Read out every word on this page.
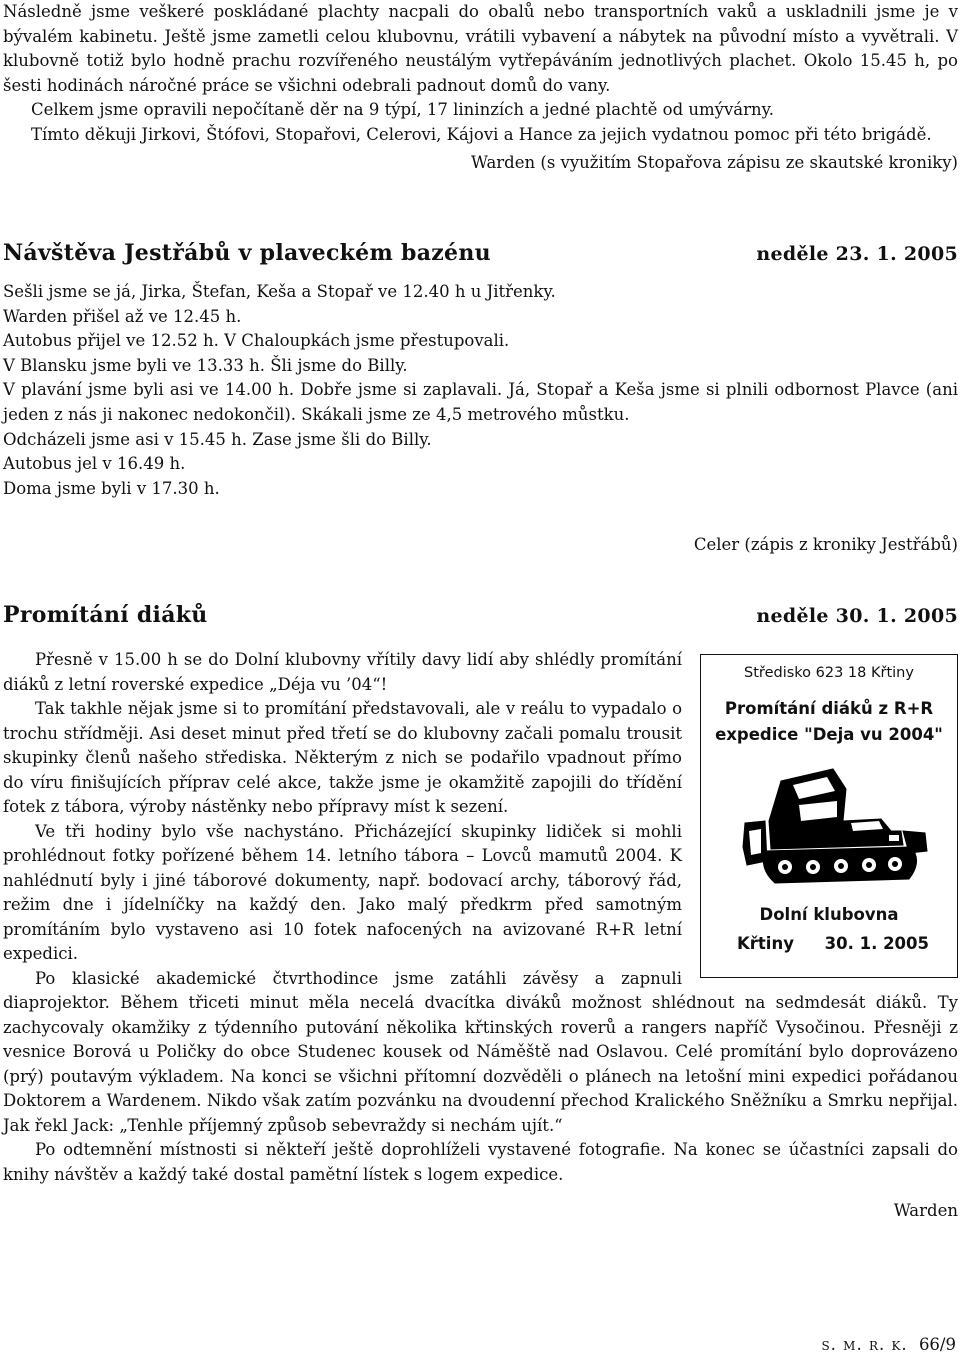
Následně jsme veškeré poskládané plachty nacpali do obalů nebo transportních vaků a uskladnili jsme je v bývalém kabinetu. Ještě jsme zametli celou klubovnu, vrátili vybavení a nábytek na původní místo a vyvětrali. V klubovně totiž bylo hodně prachu rozvířeného neustálým vytřepáváním jednotlivých plachet. Okolo 15.45 h, po šesti hodinách náročné práce se všichni odebrali padnout domů do vany.

Celkem jsme opravili nepočítaně děr na 9 týpí, 17 lininzích a jedné plachtě od umývárny.

Tímto děkuji Jirkovi, Štófovi, Stopařovi, Celerovi, Kájovi a Hance za jejich vydatnou pomoc při této brigádě.

Warden (s využitím Stopařova zápisu ze skautské kroniky)

Návštěva Jestřábů v plaveckém bazénu	neděle 23. 1. 2005

Sešli jsme se já, Jirka, Štefan, Keša a Stopař ve 12.40 h u Jitřenky.

Warden přišel až ve 12.45 h.

Autobus přijel ve 12.52 h. V Chaloupkách jsme přestupovali.

V Blansku jsme byli ve 13.33 h. Šli jsme do Billy.

V plavání jsme byli asi ve 14.00 h. Dobře jsme si zaplavali. Já, Stopař a Keša jsme si plnili odbornost Plavce (ani jeden z nás ji nakonec nedokončil). Skákali jsme ze 4,5 metrového můstku.

Odcházeli jsme asi v 15.45 h. Zase jsme šli do Billy.

Autobus jel v 16.49 h.

Doma jsme byli v 17.30 h.

Celer (zápis z kroniky Jestřábů)

Promítání diáků	neděle 30. 1. 2005
Středisko 623 18 Křtiny
Promítání diáků z R+R
expedice "Deja vu 2004"
Dolní klubovna
Křtiny 30. 1. 2005

Přesně v 15.00 h se do Dolní klubovny vřítily davy lidí aby shlédly promítání diáků z letní roverské expedice „Déja vu ’04“!

Tak takhle nějak jsme si to promítání představovali, ale v reálu to vypadalo o trochu střídměji. Asi deset minut před třetí se do klubovny začali pomalu trousit skupinky členů našeho střediska. Některým z nich se podařilo vpadnout přímo do víru finišujících příprav celé akce, takže jsme je okamžitě zapojili do třídění fotek z tábora, výroby nástěnky nebo přípravy míst k sezení.

Ve tři hodiny bylo vše nachystáno. Přicházející skupinky lidiček si mohli prohlédnout fotky pořízené během 14. letního tábora – Lovců mamutů 2004. K nahlédnutí byly i jiné táborové dokumenty, např. bodovací archy, táborový řád, režim dne i jídelníčky na každý den. Jako malý předkrm před samotným promítáním bylo vystaveno asi 10 fotek nafocených na avizované R+R letní expedici.

Po klasické akademické čtvrthodince jsme zatáhli závěsy a zapnuli diaprojektor. Během třiceti minut měla necelá dvacítka diváků možnost shlédnout na sedmdesát diáků. Ty zachycovaly okamžiky z týdenního putování několika křtinských roverů a rangers napříč Vysočinou. Přesněji z vesnice Borová u Poličky do obce Studenec kousek od Náměště nad Oslavou. Celé promítání bylo doprovázeno (prý) poutavým výkladem. Na konci se všichni přítomní dozvěděli o plánech na letošní mini expedici pořádanou Doktorem a Wardenem. Nikdo však zatím pozvánku na dvoudenní přechod Kralického Sněžníku a Smrku nepřijal. Jak řekl Jack: „Tenhle příjemný způsob sebevraždy si nechám ujít.“

Po odtemnění místnosti si někteří ještě doprohlíželi vystavené fotografie. Na konec se účastníci zapsali do knihy návštěv a každý také dostal pamětní lístek s logem expedice.

Warden

s. m. r. k. 66/9
